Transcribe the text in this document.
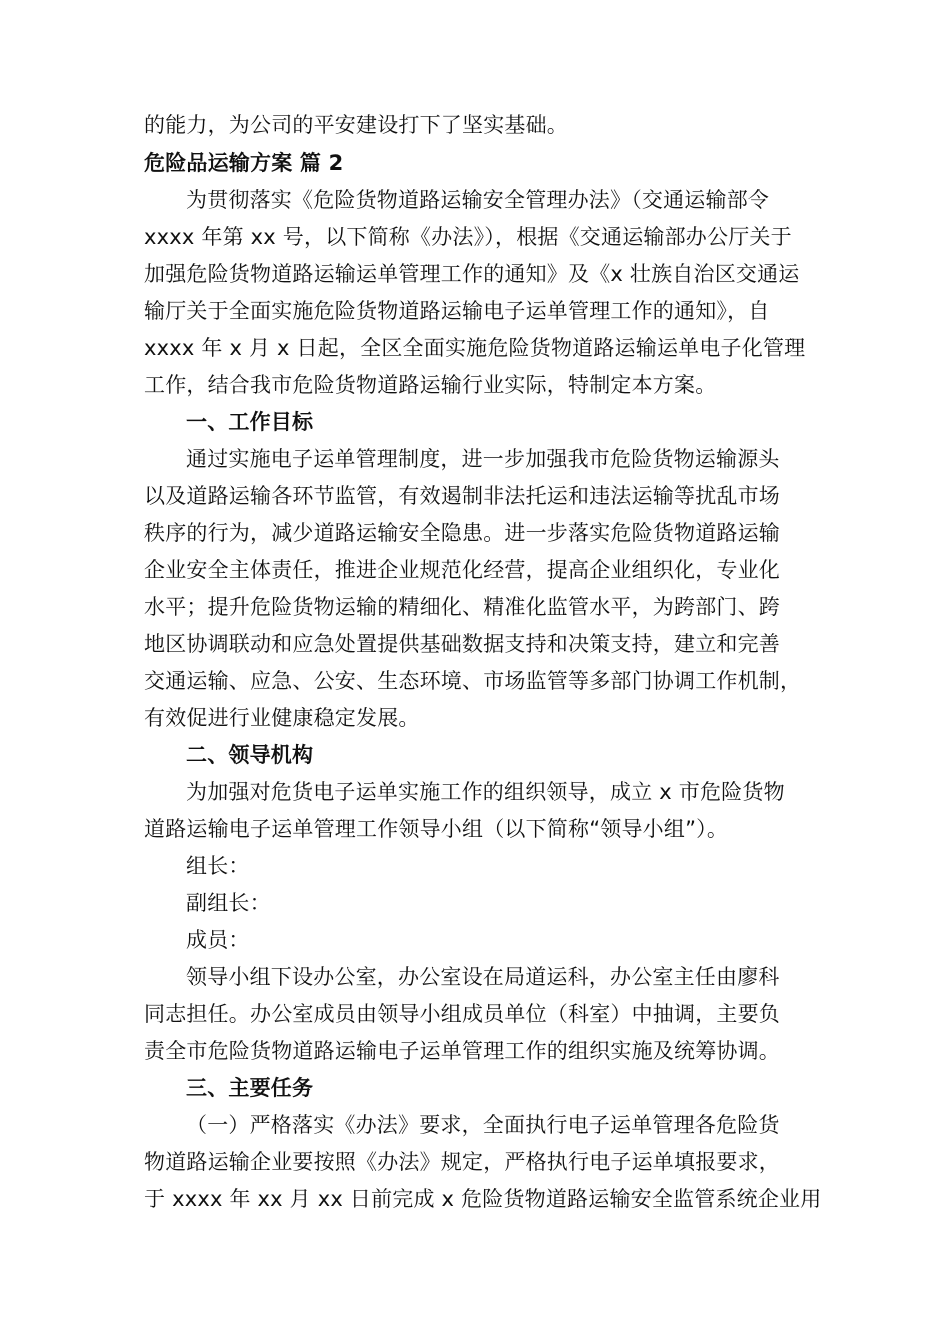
的能力，为公司的平安建设打下了坚实基础。
危险品运输方案 篇 2
为贯彻落实《危险货物道路运输安全管理办法》（交通运输部令
xxxx 年第 xx 号，以下简称《办法》），根据《交通运输部办公厅关于
加强危险货物道路运输运单管理工作的通知》及《x 壮族自治区交通运
输厅关于全面实施危险货物道路运输电子运单管理工作的通知》，自
xxxx 年 x 月 x 日起，全区全面实施危险货物道路运输运单电子化管理
工作，结合我市危险货物道路运输行业实际，特制定本方案。
一、工作目标
通过实施电子运单管理制度，进一步加强我市危险货物运输源头
以及道路运输各环节监管，有效遏制非法托运和违法运输等扰乱市场
秩序的行为，减少道路运输安全隐患。进一步落实危险货物道路运输
企业安全主体责任，推进企业规范化经营，提高企业组织化，专业化
水平；提升危险货物运输的精细化、精准化监管水平，为跨部门、跨
地区协调联动和应急处置提供基础数据支持和决策支持，建立和完善
交通运输、应急、公安、生态环境、市场监管等多部门协调工作机制，
有效促进行业健康稳定发展。
二、领导机构
为加强对危货电子运单实施工作的组织领导，成立 x 市危险货物
道路运输电子运单管理工作领导小组（以下简称“领导小组”）。
组长：
副组长：
成员：
领导小组下设办公室，办公室设在局道运科，办公室主任由廖科
同志担任。办公室成员由领导小组成员单位（科室）中抽调，主要负
责全市危险货物道路运输电子运单管理工作的组织实施及统筹协调。
三、主要任务
（一）严格落实《办法》要求，全面执行电子运单管理各危险货
物道路运输企业要按照《办法》规定，严格执行电子运单填报要求，
于 xxxx 年 xx 月 xx 日前完成 x 危险货物道路运输安全监管系统企业用
